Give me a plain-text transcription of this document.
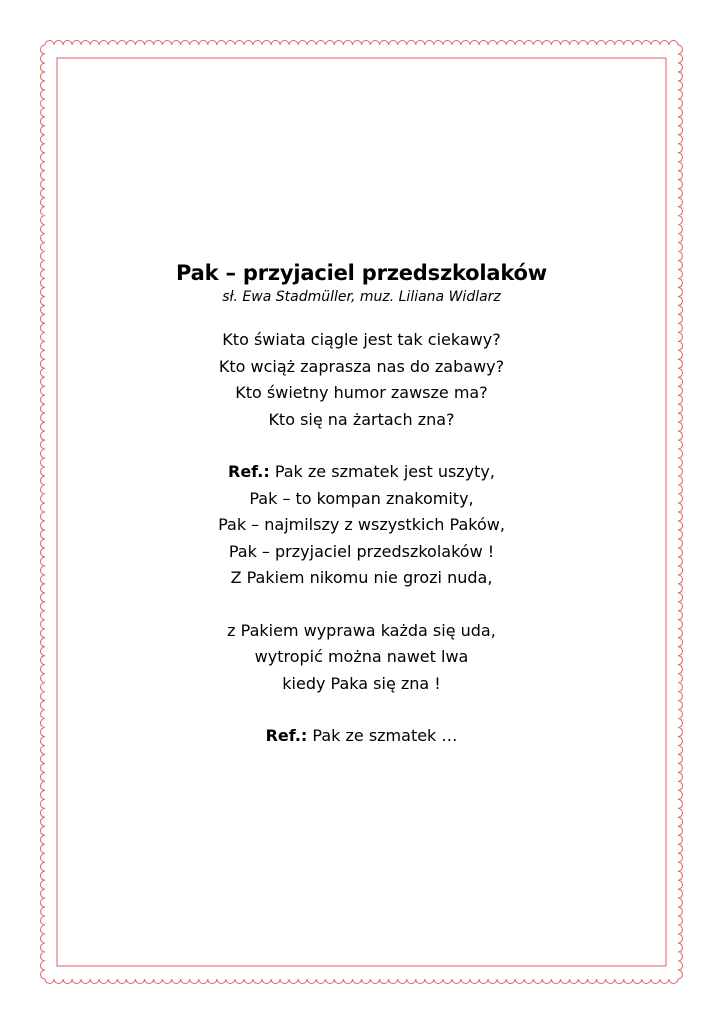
Pak – przyjaciel przedszkolaków

sł. Ewa Stadmüller, muz. Liliana Widlarz

Kto świata ciągle jest tak ciekawy?
Kto wciąż zaprasza nas do zabawy?
Kto świetny humor zawsze ma?
Kto się na żartach zna?

Ref.: Pak ze szmatek jest uszyty,
Pak – to kompan znakomity,
Pak – najmilszy z wszystkich Paków,
Pak – przyjaciel przedszkolaków !
Z Pakiem nikomu nie grozi nuda,

z Pakiem wyprawa każda się uda,
wytropić można nawet lwa
kiedy Paka się zna !

Ref.: Pak ze szmatek …
